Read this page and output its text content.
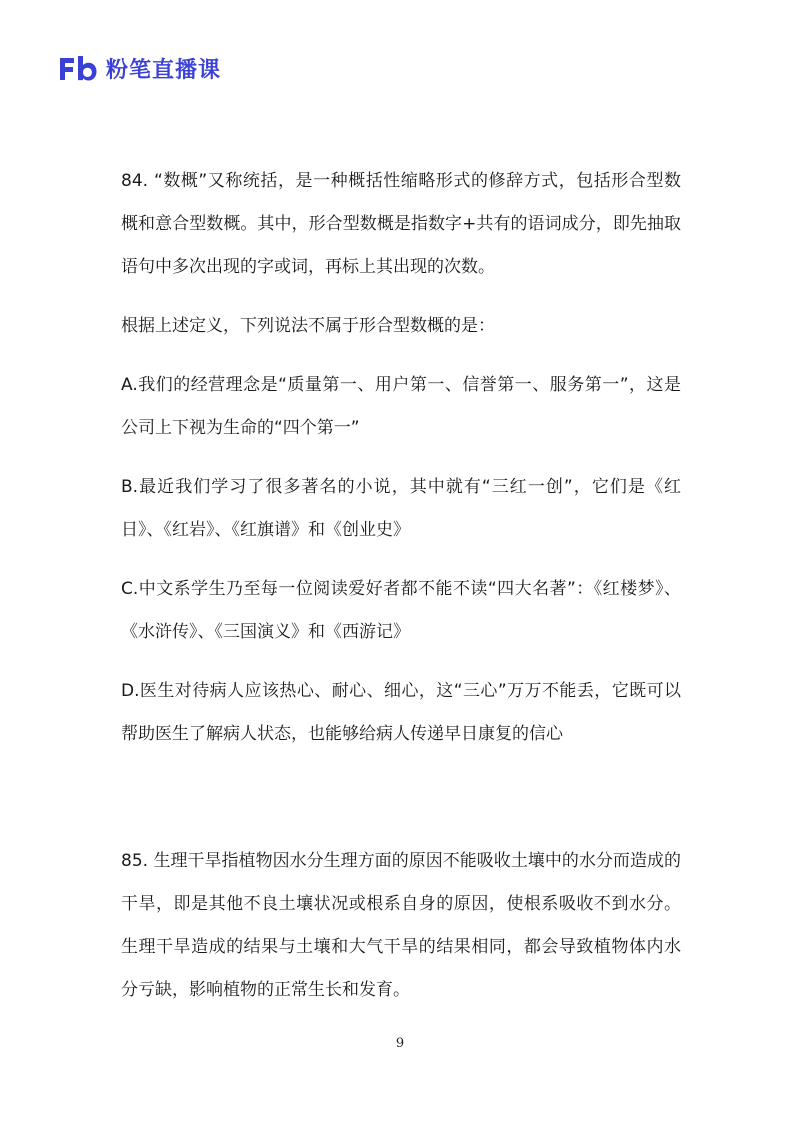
粉笔直播课

84. “数概”又称统括，是一种概括性缩略形式的修辞方式，包括形合型数概和意合型数概。其中，形合型数概是指数字+共有的语词成分，即先抽取语句中多次出现的字或词，再标上其出现的次数。

根据上述定义，下列说法不属于形合型数概的是：

A.我们的经营理念是“质量第一、用户第一、信誉第一、服务第一”，这是公司上下视为生命的“四个第一”

B.最近我们学习了很多著名的小说，其中就有“三红一创”，它们是《红日》、《红岩》、《红旗谱》和《创业史》

C.中文系学生乃至每一位阅读爱好者都不能不读“四大名著”：《红楼梦》、《水浒传》、《三国演义》和《西游记》

D.医生对待病人应该热心、耐心、细心，这“三心”万万不能丢，它既可以帮助医生了解病人状态，也能够给病人传递早日康复的信心

85. 生理干旱指植物因水分生理方面的原因不能吸收土壤中的水分而造成的干旱，即是其他不良土壤状况或根系自身的原因，使根系吸收不到水分。生理干旱造成的结果与土壤和大气干旱的结果相同，都会导致植物体内水分亏缺，影响植物的正常生长和发育。

9
